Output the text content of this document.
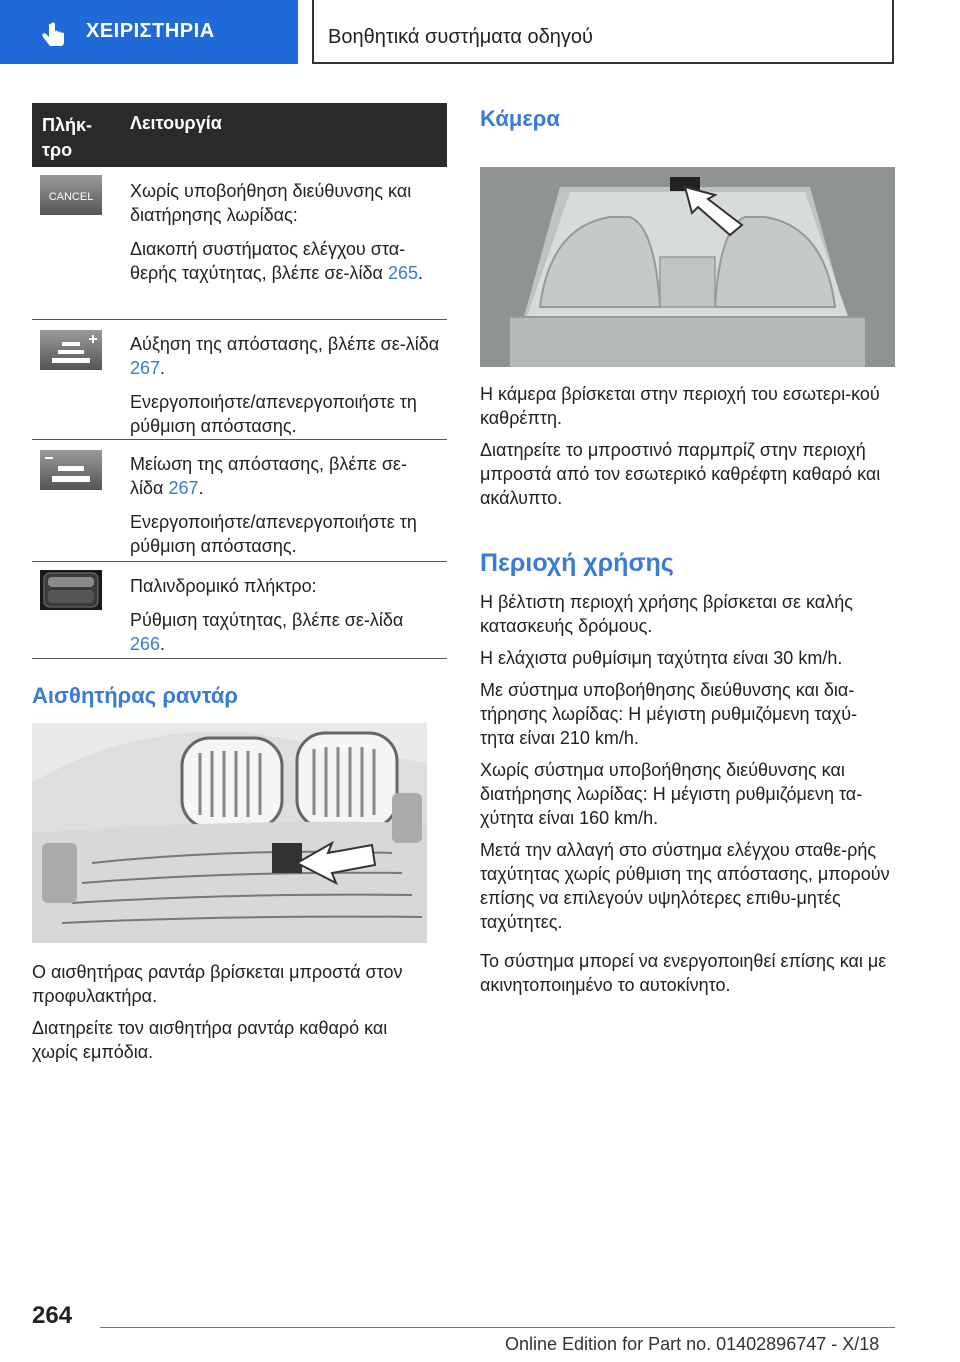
ΧΕΙΡΙΣΤΗΡΙΑ	Βοηθητικά συστήματα οδηγού
Πλήκ-
τρο
Λειτουργία
CANCEL Χωρίς υποβοήθηση διεύθυνσης και διατήρησης λωρίδας:

Διακοπή συστήματος ελέγχου στα-θερής ταχύτητας, βλέπε σε-λίδα 265.

Αύξηση της απόστασης, βλέπε σε-λίδα 267.

Ενεργοποιήστε/απενεργοποιήστε τη ρύθμιση απόστασης.

Μείωση της απόστασης, βλέπε σε-λίδα 267.

Ενεργοποιήστε/απενεργοποιήστε τη ρύθμιση απόστασης.

Παλινδρομικό πλήκτρο:

Ρύθμιση ταχύτητας, βλέπε σε-λίδα 266.

Αισθητήρας ραντάρ

Ο αισθητήρας ραντάρ βρίσκεται μπροστά στον προφυλακτήρα.

Διατηρείτε τον αισθητήρα ραντάρ καθαρό και χωρίς εμπόδια.

Κάμερα

Η κάμερα βρίσκεται στην περιοχή του εσωτερι-κού καθρέπτη.

Διατηρείτε το μπροστινό παρμπρίζ στην περιοχή μπροστά από τον εσωτερικό καθρέφτη καθαρό και ακάλυπτο.

Περιοχή χρήσης

Η βέλτιστη περιοχή χρήσης βρίσκεται σε καλής κατασκευής δρόμους.

Η ελάχιστα ρυθμίσιμη ταχύτητα είναι 30 km/h.

Με σύστημα υποβοήθησης διεύθυνσης και δια-τήρησης λωρίδας: Η μέγιστη ρυθμιζόμενη ταχύ-τητα είναι 210 km/h.

Χωρίς σύστημα υποβοήθησης διεύθυνσης και διατήρησης λωρίδας: Η μέγιστη ρυθμιζόμενη τα-χύτητα είναι 160 km/h.

Μετά την αλλαγή στο σύστημα ελέγχου σταθε-ρής ταχύτητας χωρίς ρύθμιση της απόστασης, μπορούν επίσης να επιλεγούν υψηλότερες επιθυ-μητές ταχύτητες.

Το σύστημα μπορεί να ενεργοποιηθεί επίσης και με ακινητοποιημένο το αυτοκίνητο.

264
Online Edition for Part no. 01402896747 - X/18
